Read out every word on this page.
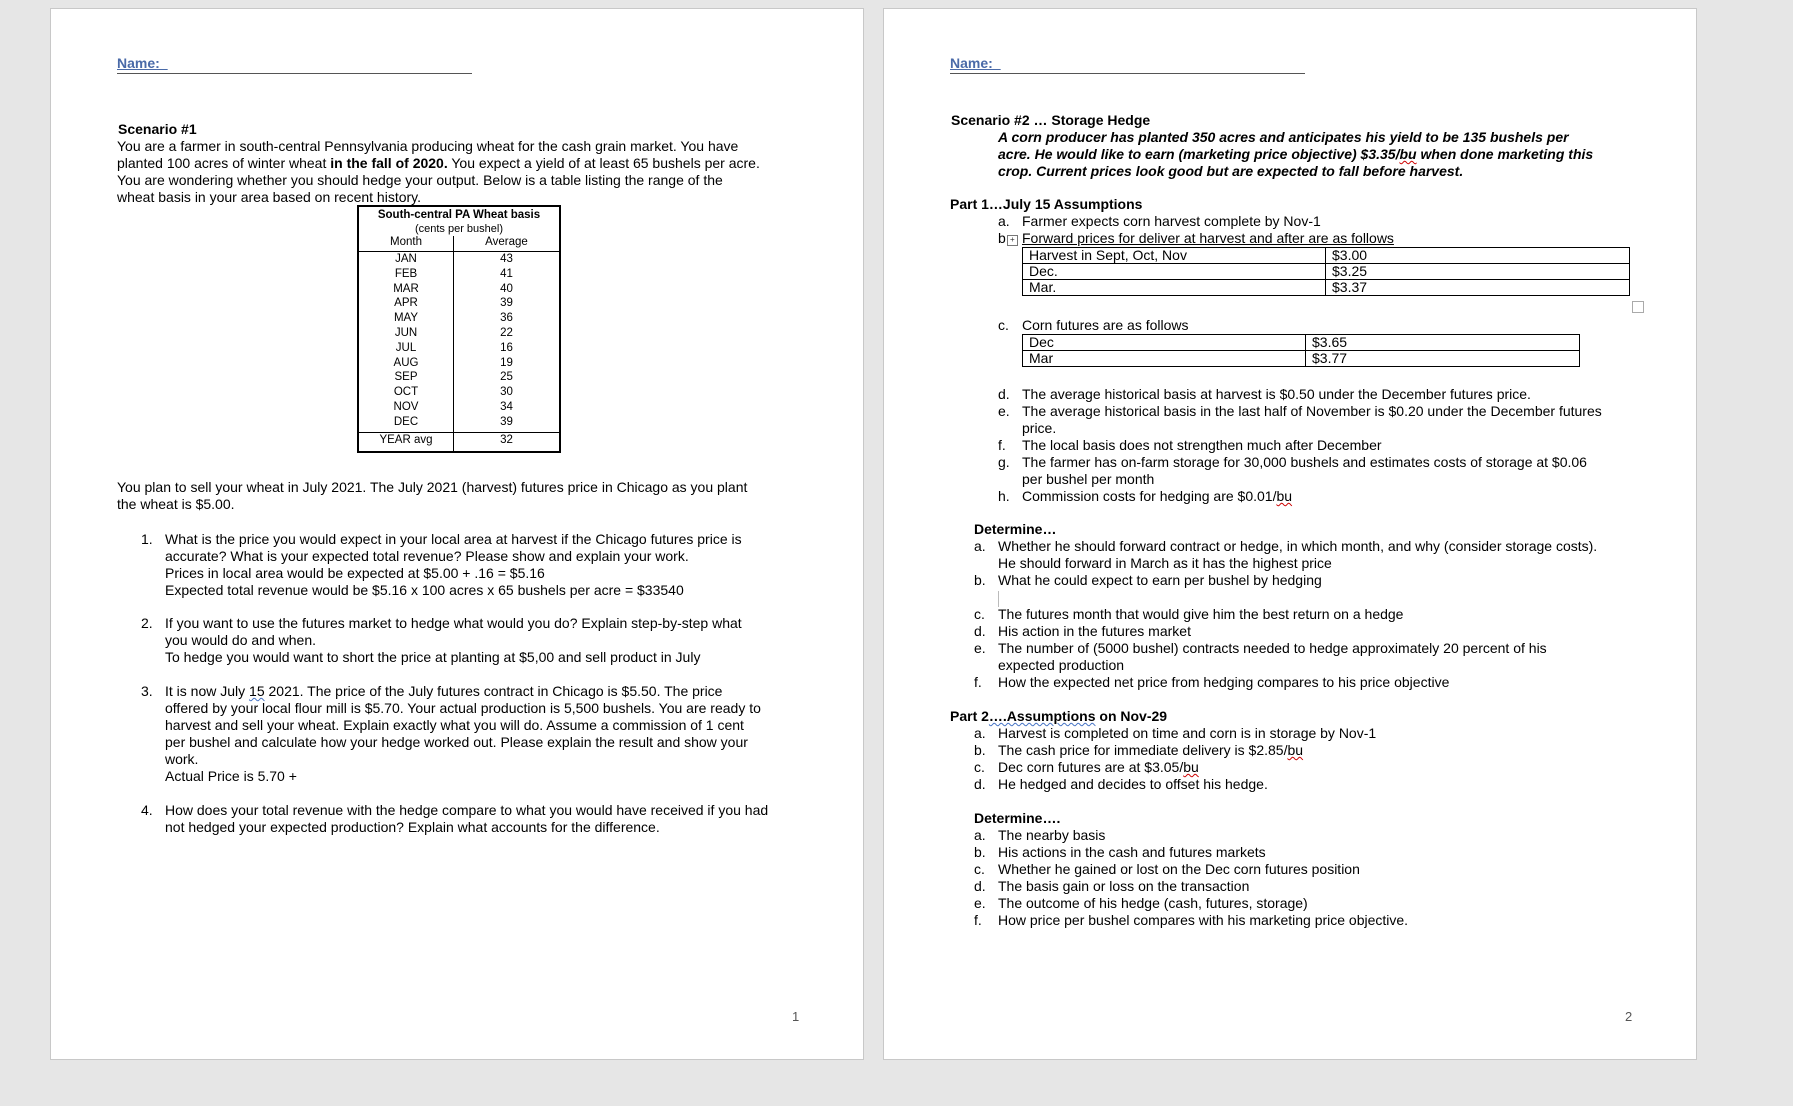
Name:_
Scenario #1
You are a farmer in south-central Pennsylvania producing wheat for the cash grain market. You have
planted 100 acres of winter wheat in the fall of 2020. You expect a yield of at least 65 bushels per acre.
You are wondering whether you should hedge your output. Below is a table listing the range of the
wheat basis in your area based on recent history.
South-central PA Wheat basis
(cents per bushel)
Month	Average
JAN	43
FEB	41
MAR	40
APR	39
MAY	36
JUN	22
JUL	16
AUG	19
SEP	25
OCT	30
NOV	34
DEC	39
YEAR avg	32
You plan to sell your wheat in July 2021. The July 2021 (harvest) futures price in Chicago as you plant
the wheat is $5.00.
1. What is the price you would expect in your local area at harvest if the Chicago futures price is
accurate? What is your expected total revenue? Please show and explain your work.
Prices in local area would be expected at $5.00 + .16 = $5.16
Expected total revenue would be $5.16 x 100 acres x 65 bushels per acre = $33540
2. If you want to use the futures market to hedge what would you do? Explain step-by-step what
you would do and when.
To hedge you would want to short the price at planting at $5,00 and sell product in July
3. It is now July 15 2021. The price of the July futures contract in Chicago is $5.50. The price
offered by your local flour mill is $5.70. Your actual production is 5,500 bushels. You are ready to
harvest and sell your wheat. Explain exactly what you will do. Assume a commission of 1 cent
per bushel and calculate how your hedge worked out. Please explain the result and show your
work.
Actual Price is 5.70 +
4. How does your total revenue with the hedge compare to what you would have received if you had
not hedged your expected production? Explain what accounts for the difference.
1
Name:_
Scenario #2 … Storage Hedge
A corn producer has planted 350 acres and anticipates his yield to be 135 bushels per
acre. He would like to earn (marketing price objective) $3.35/bu when done marketing this
crop. Current prices look good but are expected to fall before harvest.
Part 1…July 15 Assumptions
a. Farmer expects corn harvest complete by Nov-1
b + Forward prices for deliver at harvest and after are as follows
Harvest in Sept, Oct, Nov	$3.00
Dec.	$3.25
Mar.	$3.37
c. Corn futures are as follows
Dec	$3.65
Mar	$3.77
d. The average historical basis at harvest is $0.50 under the December futures price.
e. The average historical basis in the last half of November is $0.20 under the December futures
price.
f. The local basis does not strengthen much after December
g. The farmer has on-farm storage for 30,000 bushels and estimates costs of storage at $0.06
per bushel per month
h. Commission costs for hedging are $0.01/bu
Determine…
a. Whether he should forward contract or hedge, in which month, and why (consider storage costs).
He should forward in March as it has the highest price
b. What he could expect to earn per bushel by hedging
c. The futures month that would give him the best return on a hedge
d. His action in the futures market
e. The number of (5000 bushel) contracts needed to hedge approximately 20 percent of his
expected production
f. How the expected net price from hedging compares to his price objective
Part 2….Assumptions on Nov-29
a. Harvest is completed on time and corn is in storage by Nov-1
b. The cash price for immediate delivery is $2.85/bu
c. Dec corn futures are at $3.05/bu
d. He hedged and decides to offset his hedge.
Determine….
a. The nearby basis
b. His actions in the cash and futures markets
c. Whether he gained or lost on the Dec corn futures position
d. The basis gain or loss on the transaction
e. The outcome of his hedge (cash, futures, storage)
f. How price per bushel compares with his marketing price objective.
2
